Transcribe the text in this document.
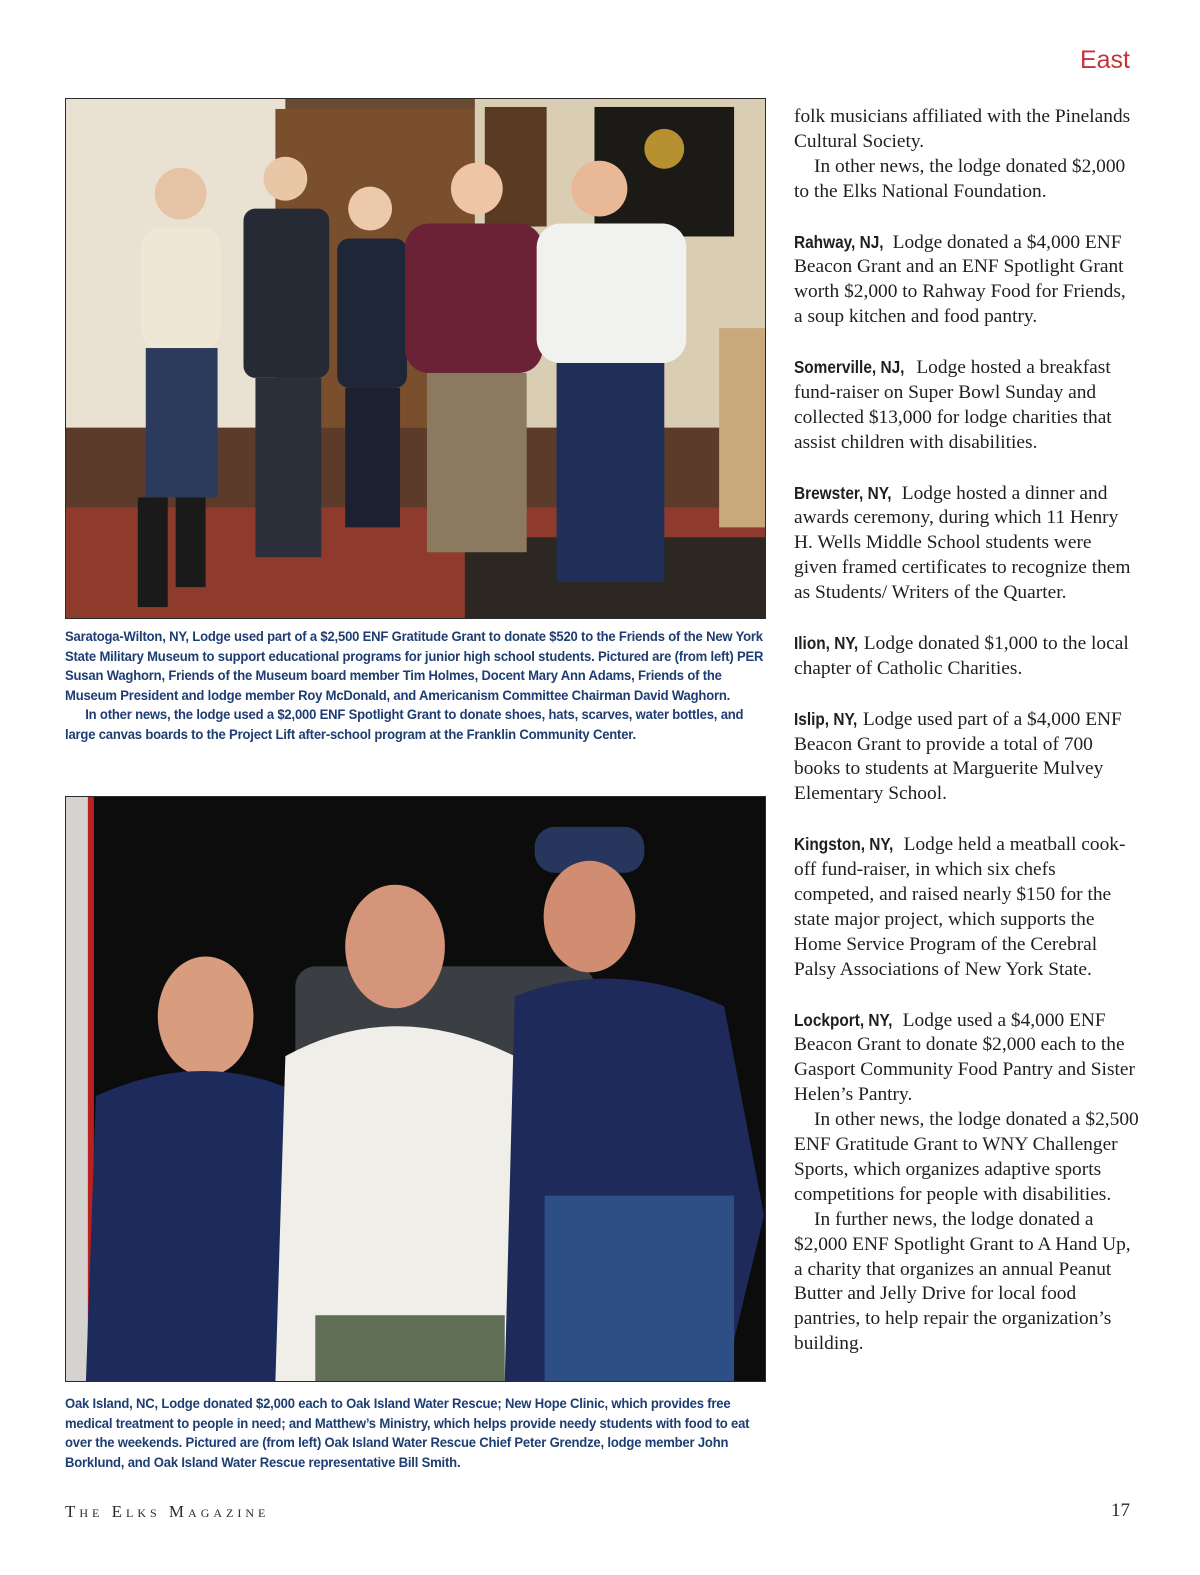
East
Saratoga-Wilton, NY, Lodge used part of a $2,500 ENF Gratitude Grant to donate $520 to the Friends of the New York State Military Museum to support educational programs for junior high school students. Pictured are (from left) PER Susan Waghorn, Friends of the Museum board member Tim Holmes, Docent Mary Ann Adams, Friends of the Museum President and lodge member Roy McDonald, and Americanism Committee Chairman David Waghorn.
In other news, the lodge used a $2,000 ENF Spotlight Grant to donate shoes, hats, scarves, water bottles, and large canvas boards to the Project Lift after-school program at the Franklin Community Center.
Oak Island, NC, Lodge donated $2,000 each to Oak Island Water Rescue; New Hope Clinic, which provides free medical treatment to people in need; and Matthew’s Ministry, which helps provide needy students with food to eat over the weekends. Pictured are (from left) Oak Island Water Rescue Chief Peter Grendze, lodge member John Borklund, and Oak Island Water Rescue representative Bill Smith.

folk musicians affiliated with the Pinelands Cultural Society.

In other news, the lodge donated $2,000 to the Elks National Foundation.

Rahway, NJ, Lodge donated a $4,000 ENF Beacon Grant and an ENF Spotlight Grant worth $2,000 to Rahway Food for Friends, a soup kitchen and food pantry.

Somerville, NJ, Lodge hosted a breakfast fund-raiser on Super Bowl Sunday and collected $13,000 for lodge charities that assist children with disabilities.

Brewster, NY, Lodge hosted a dinner and awards ceremony, during which 11 Henry H. Wells Middle School students were given framed certificates to recognize them as Students/ Writers of the Quarter.

Ilion, NY, Lodge donated $1,000 to the local chapter of Catholic Charities.

Islip, NY, Lodge used part of a $4,000 ENF Beacon Grant to provide a total of 700 books to students at Marguerite Mulvey Elementary School.

Kingston, NY, Lodge held a meatball cook-off fund-raiser, in which six chefs competed, and raised nearly $150 for the state major project, which supports the Home Service Program of the Cerebral Palsy Associations of New York State.

Lockport, NY, Lodge used a $4,000 ENF Beacon Grant to donate $2,000 each to the Gasport Community Food Pantry and Sister Helen’s Pantry.

In other news, the lodge donated a $2,500 ENF Gratitude Grant to WNY Challenger Sports, which organizes adaptive sports competitions for people with disabilities.

In further news, the lodge donated a $2,000 ENF Spotlight Grant to A Hand Up, a charity that organizes an annual Peanut Butter and Jelly Drive for local food pantries, to help repair the organization’s building.

The Elks Magazine	17
